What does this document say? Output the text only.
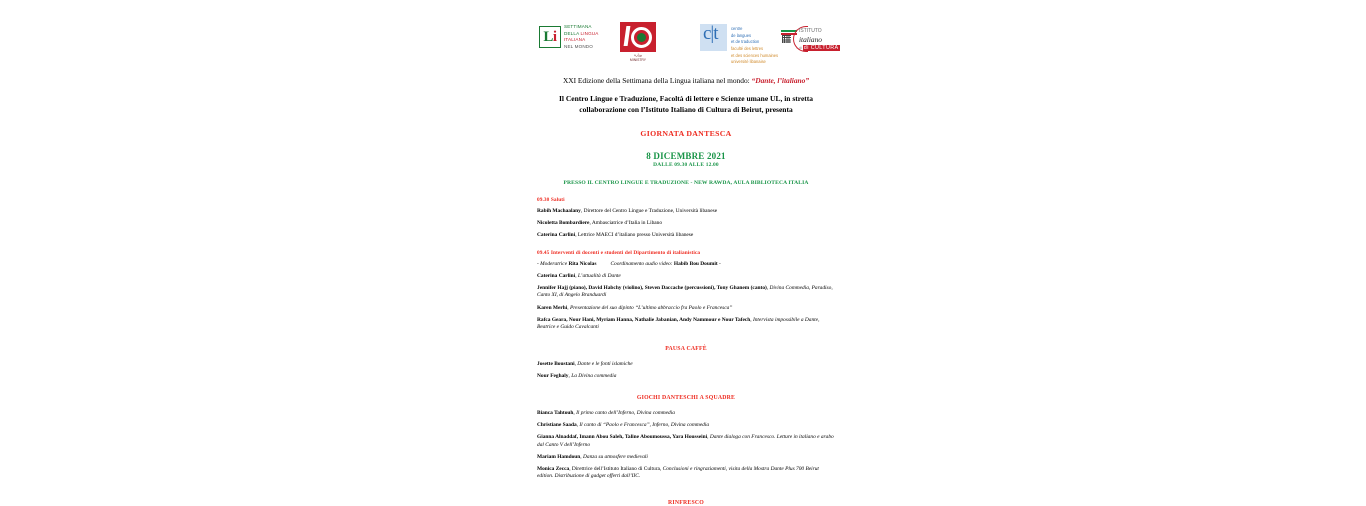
Li
SETTIMANA
DELLA LINGUA
ITALIANA
NEL MONDO
وزارة
MINISTRY
c|t	centre
de langues
et de traduction
faculté des lettres
et des sciences humaines
université libanaise
ISTITUTO
italiano
di di CULTURA
XXI Edizione della Settimana della Lingua italiana nel mondo: “Dante, l’italiano”
Il Centro Lingue e Traduzione, Facoltà di lettere e Scienze umane UL, in stretta collaborazione con l’Istituto Italiano di Cultura di Beirut, presenta
GIORNATA DANTESCA
8 DICEMBRE 2021
DALLE 09.30 ALLE 12.00
PRESSO IL CENTRO LINGUE E TRADUZIONE - NEW RAWDA, AULA BIBLIOTECA ITALIA
09.30 Saluti
Rabih Machaalany, Direttore del Centro Lingue e Traduzione, Università libanese
Nicoletta Bombardiere, Ambasciatrice d’Italia in Libano
Caterina Carlini, Lettrice MAECI d’italiano presso Università libanese
09.45 Interventi di docenti e studenti del Dipartimento di italianistica
- Moderatrice Rita Nicolas	Coordinamento audio video: Habib Bou Doumit -
Caterina Carlini, L’attualità di Dante
Jennifer Hajj (piano), David Habchy (violino), Steven Daccache (percussioni), Tony Ghanem (canto), Divina Commedia, Paradiso, Canto XI, di Angelo Branduardi
Karen Merhi, Presentazione del suo dipinto “L’ultimo abbraccio fra Paolo e Francesca”
Rafca Geara, Nour Hani, Myriam Hanna, Nathalie Jabanian, Andy Nammour e Nour Tafech, Intervista impossibile a Dante, Beatrice e Guido Cavalcanti
PAUSA CAFFÈ
Josette Boustani, Dante e le fonti islamiche
Nour Feghaly, La Divina commedia
GIOCHI DANTESCHI A SQUADRE
Bianca Tahtouh, Il primo canto dell’Inferno, Divina commedia
Christiane Saada, Il canto di “Paolo e Francesca”, Inferno, Divina commedia
Gianna Alnaddaf, Imann Abou Saleh, Taline Aboumoussa, Yara Housseini, Dante dialoga con Francesco. Letture in italiano e arabo dal Canto V dell’Inferno
Mariam Hamdoun, Danza su atmosfere medievali
Monica Zecca, Direttrice dell’Istituto Italiano di Cultura, Conclusioni e ringraziamenti, visita della Mostra Dante Plus 700 Beirut edition. Distribuzione di gadget offerti dall’IIC.
RINFRESCO
